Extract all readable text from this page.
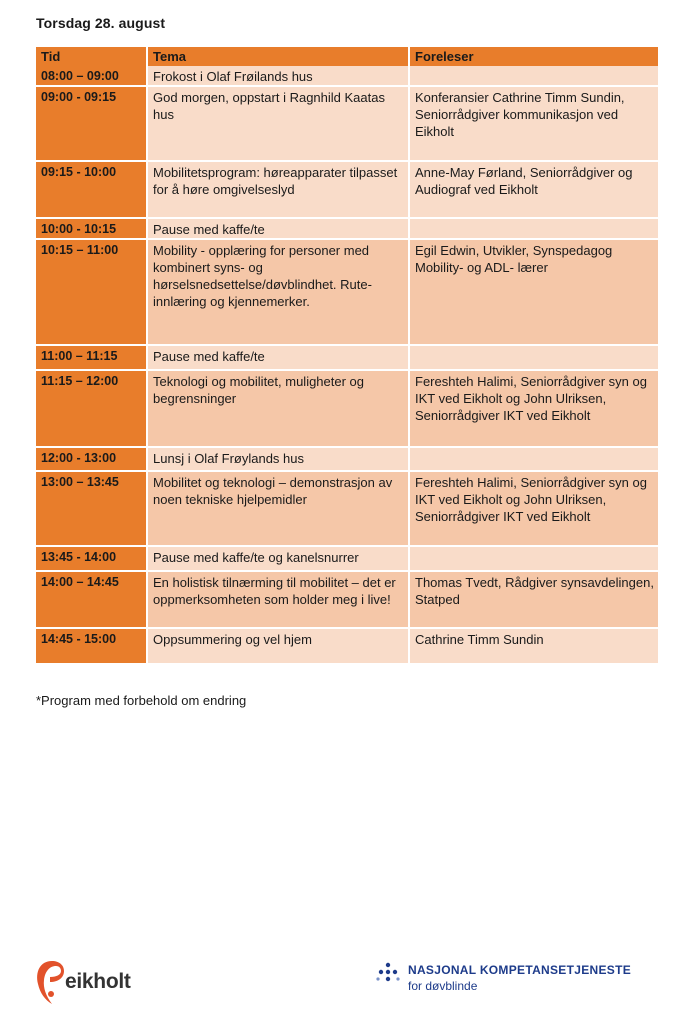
Torsdag 28. august
Tid	Tema	Foreleser
08:00 – 09:00	Frokost i Olaf Frøilands hus	
09:00 - 09:15	God morgen, oppstart i Ragnhild Kaatas hus	Konferansier Cathrine Timm Sundin, Seniorrådgiver kommunikasjon ved Eikholt
09:15 - 10:00	Mobilitetsprogram: høreapparater tilpasset for å høre omgivelseslyd	Anne-May Førland, Seniorrådgiver og Audiograf ved Eikholt
10:00 - 10:15	Pause med kaffe/te	
10:15 – 11:00	Mobility - opplæring for personer med kombinert syns- og hørselsnedsettelse/døvblindhet. Rute-innlæring og kjennemerker.	Egil Edwin, Utvikler, Synspedagog Mobility- og ADL- lærer
11:00 – 11:15	Pause med kaffe/te	
11:15 – 12:00	Teknologi og mobilitet, muligheter og begrensninger	Fereshteh Halimi, Seniorrådgiver syn og IKT ved Eikholt og John Ulriksen, Seniorrådgiver IKT ved Eikholt
12:00 - 13:00	Lunsj i Olaf Frøylands hus	
13:00 – 13:45	Mobilitet og teknologi – demonstrasjon av noen tekniske hjelpemidler	Fereshteh Halimi, Seniorrådgiver syn og IKT ved Eikholt og John Ulriksen, Seniorrådgiver IKT ved Eikholt
13:45 - 14:00	Pause med kaffe/te og kanelsnurrer	
14:00 – 14:45	En holistisk tilnærming til mobilitet – det er oppmerksomheten som holder meg i live!	Thomas Tvedt, Rådgiver synsavdelingen, Statped
14:45 - 15:00	Oppsummering og vel hjem	Cathrine Timm Sundin
*Program med forbehold om endring
eikholt	NASJONAL KOMPETANSETJENESTE
for døvblinde
